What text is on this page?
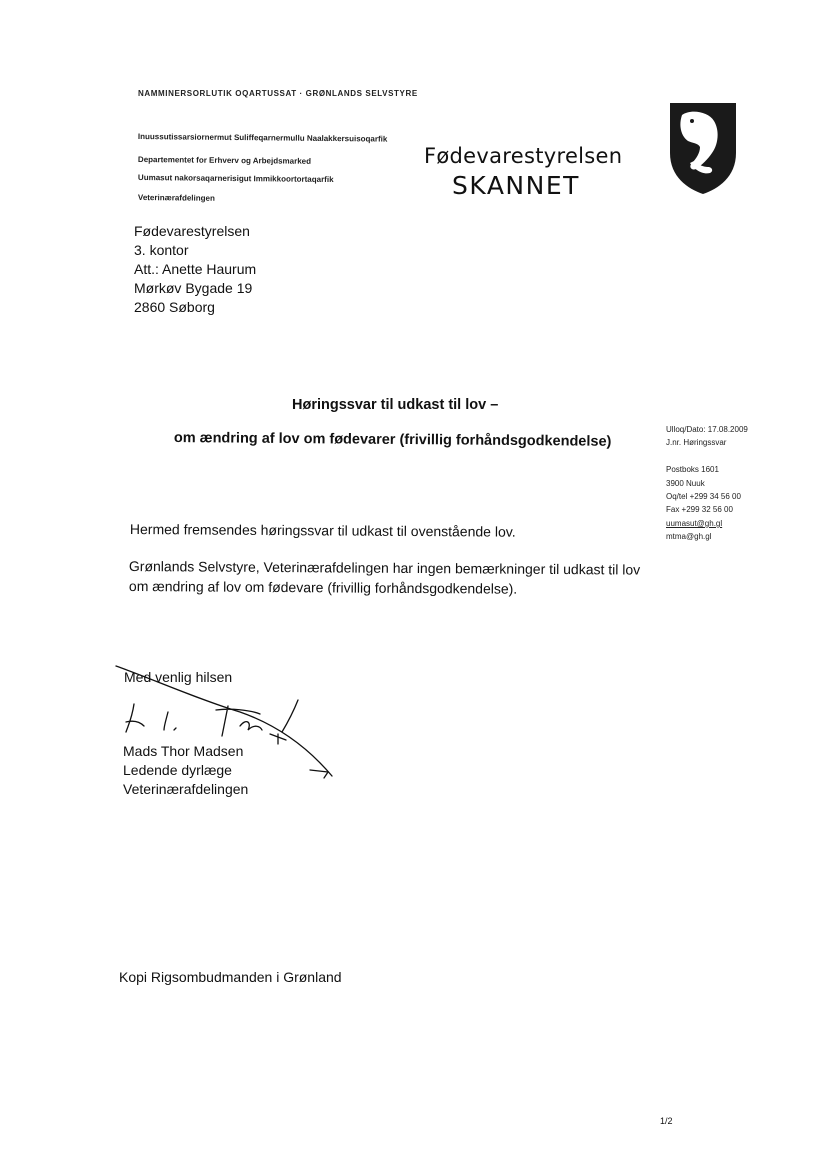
NAMMINERSORLUTIK OQARTUSSAT · GRØNLANDS SELVSTYRE
Inuussutissarsiornermut Suliffeqarnermullu Naalakkersuisoqarfik
Departementet for Erhverv og Arbejdsmarked
Uumasut nakorsaqarnerisigut Immikkoortortaqarfik
Veterinærafdelingen
Fødevarestyrelsen
SKANNET
Fødevarestyrelsen
3. kontor
Att.: Anette Haurum
Mørkøv Bygade 19
2860 Søborg
Høringssvar til udkast til lov –
om ændring af lov om fødevarer (frivillig forhåndsgodkendelse)
Ulloq/Dato: 17.08.2009
J.nr. Høringssvar
Postboks 1601
3900 Nuuk
Oq/tel +299 34 56 00
Fax +299 32 56 00
uumasut@gh.gl
mtma@gh.gl
Hermed fremsendes høringssvar til udkast til ovenstående lov.
Grønlands Selvstyre, Veterinærafdelingen har ingen bemærkninger til udkast til lov
om ændring af lov om fødevare (frivillig forhåndsgodkendelse).
Med venlig hilsen
Mads Thor Madsen
Ledende dyrlæge
Veterinærafdelingen
Kopi Rigsombudmanden i Grønland
1/2
